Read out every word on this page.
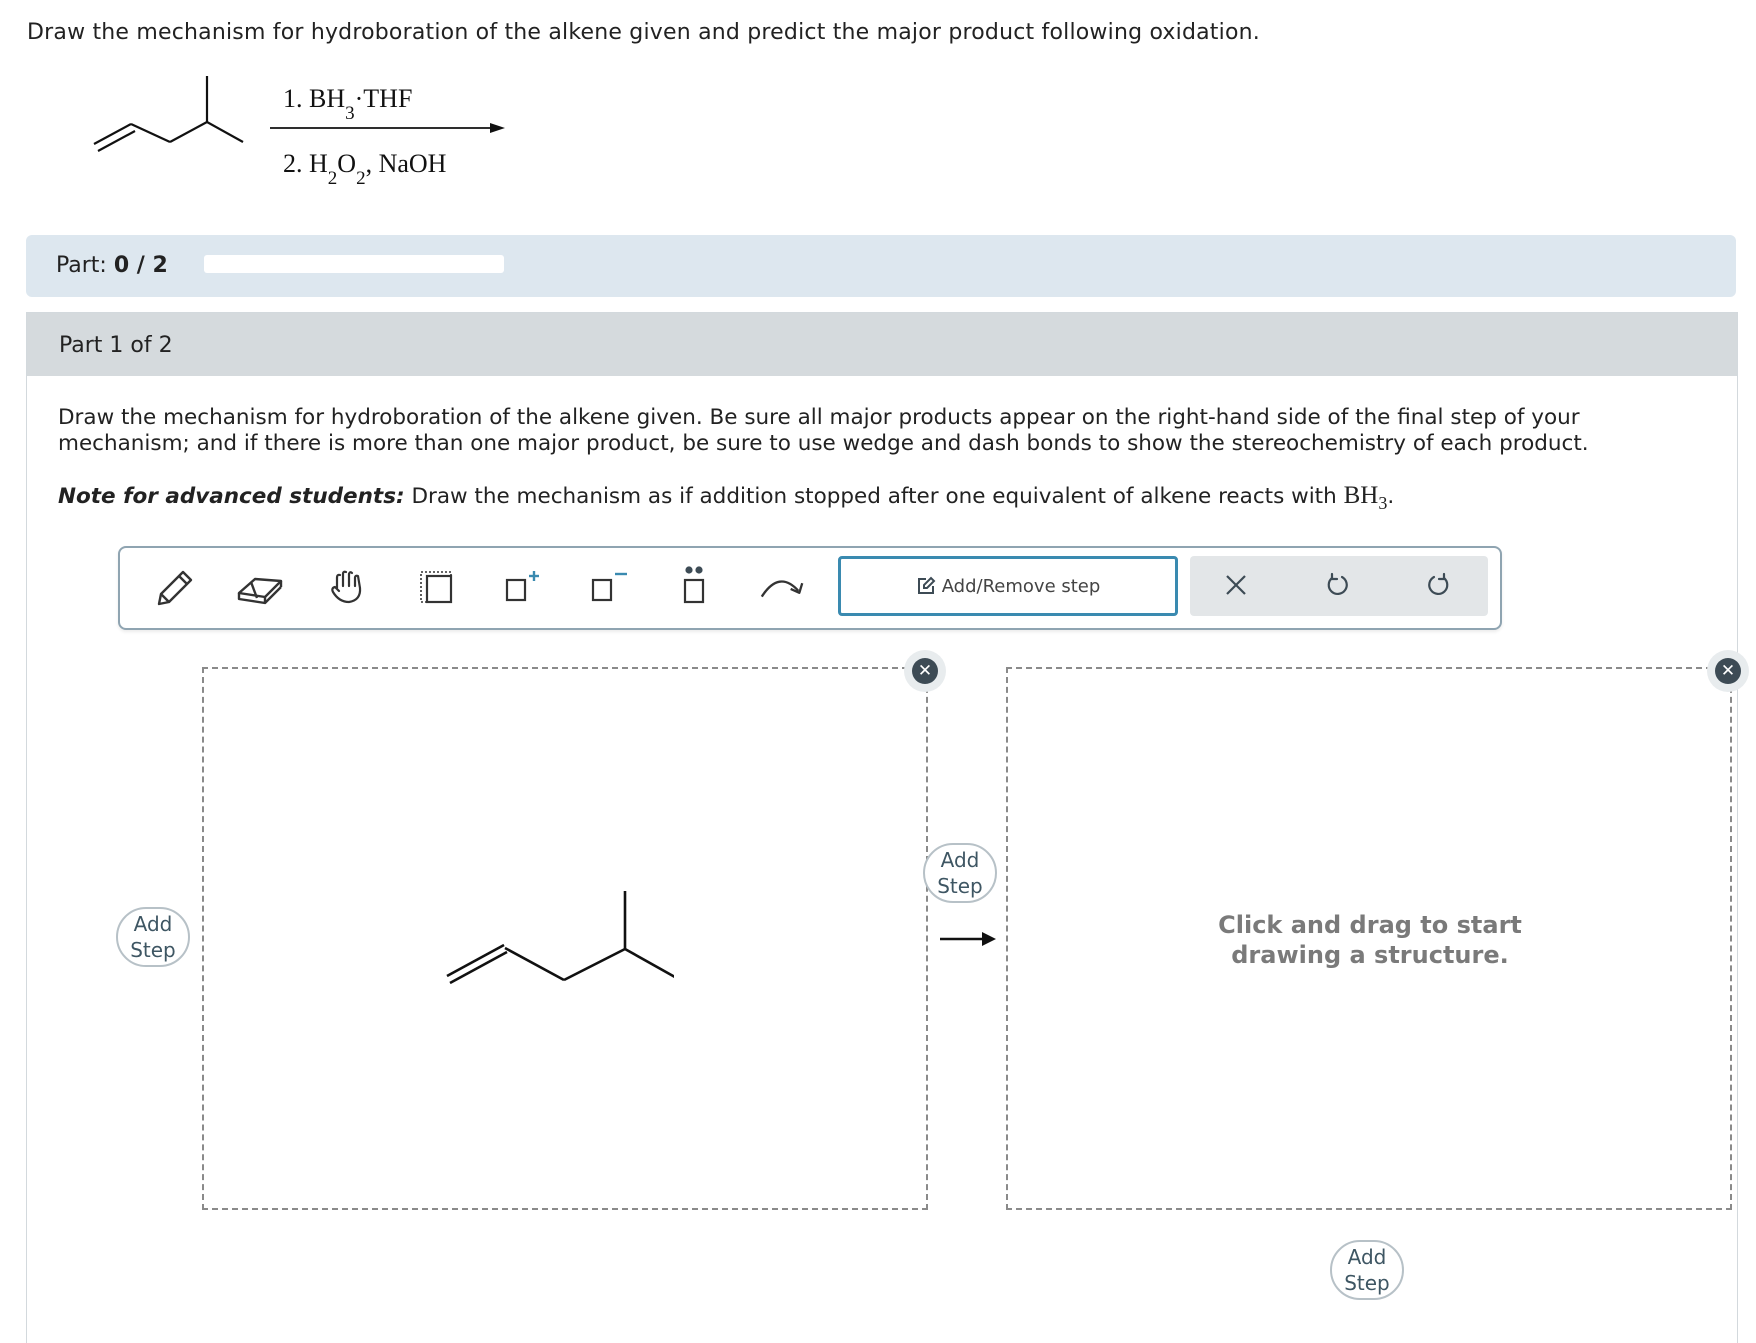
Draw the mechanism for hydroboration of the alkene given and predict the major product following oxidation.
1. $BH_3\cdot THF$
2. $H_2O_2$, NaOH
Part: 0 / 2
Part 1 of 2
Draw the mechanism for hydroboration of the alkene given. Be sure all major products appear on the right-hand side of the final step of your mechanism; and if there is more than one major product, be sure to use wedge and dash bonds to show the stereochemistry of each product.
Note for advanced students: Draw the mechanism as if addition stopped after one equivalent of alkene reacts with $BH_3$.
Add/Remove step
✕	✕
Click and drag to start
drawing a structure.
Add
Step
Add
Step
Add
Step
